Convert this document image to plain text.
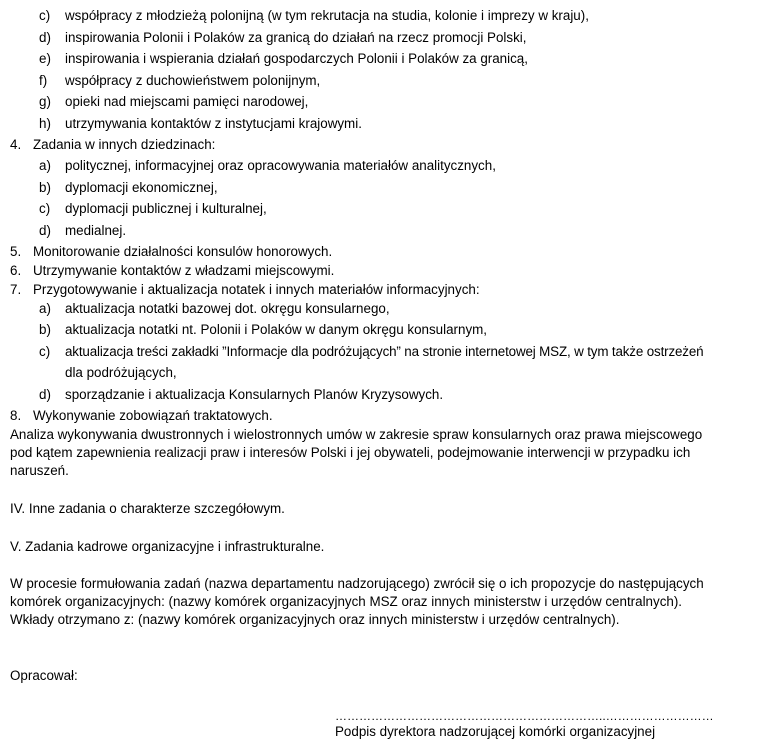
c) współpracy z młodzieżą polonijną (w tym rekrutacja na studia, kolonie i imprezy w kraju),
d) inspirowania Polonii i Polaków za granicą do działań na rzecz promocji Polski,
e) inspirowania i wspierania działań gospodarczych Polonii i Polaków za granicą,
f) współpracy z duchowieństwem polonijnym,
g) opieki nad miejscami pamięci narodowej,
h) utrzymywania kontaktów z instytucjami krajowymi.
4. Zadania w innych dziedzinach:
a) politycznej, informacyjnej oraz opracowywania materiałów analitycznych,
b) dyplomacji ekonomicznej,
c) dyplomacji publicznej i kulturalnej,
d) medialnej.
5. Monitorowanie działalności konsulów honorowych.
6. Utrzymywanie kontaktów z władzami miejscowymi.
7. Przygotowywanie i aktualizacja notatek i innych materiałów informacyjnych:
a) aktualizacja notatki bazowej dot. okręgu konsularnego,
b) aktualizacja notatki nt. Polonii i Polaków w danym okręgu konsularnym,
c) aktualizacja treści zakładki ”Informacje dla podróżujących” na stronie internetowej MSZ, w tym także ostrzeżeń
dla podróżujących,
d) sporządzanie i aktualizacja Konsularnych Planów Kryzysowych.
8. Wykonywanie zobowiązań traktatowych.
Analiza wykonywania dwustronnych i wielostronnych umów w zakresie spraw konsularnych oraz prawa miejscowego
pod kątem zapewnienia realizacji praw i interesów Polski i jej obywateli, podejmowanie interwencji w przypadku ich
naruszeń.
IV. Inne zadania o charakterze szczegółowym.
V. Zadania kadrowe organizacyjne i infrastrukturalne.
W procesie formułowania zadań (nazwa departamentu nadzorującego) zwrócił się o ich propozycje do następujących
komórek organizacyjnych: (nazwy komórek organizacyjnych MSZ oraz innych ministerstw i urzędów centralnych).
Wkłady otrzymano z: (nazwy komórek organizacyjnych oraz innych ministerstw i urzędów centralnych).
Opracował:
…………………………………………………………..………………………
Podpis dyrektora nadzorującej komórki organizacyjnej
